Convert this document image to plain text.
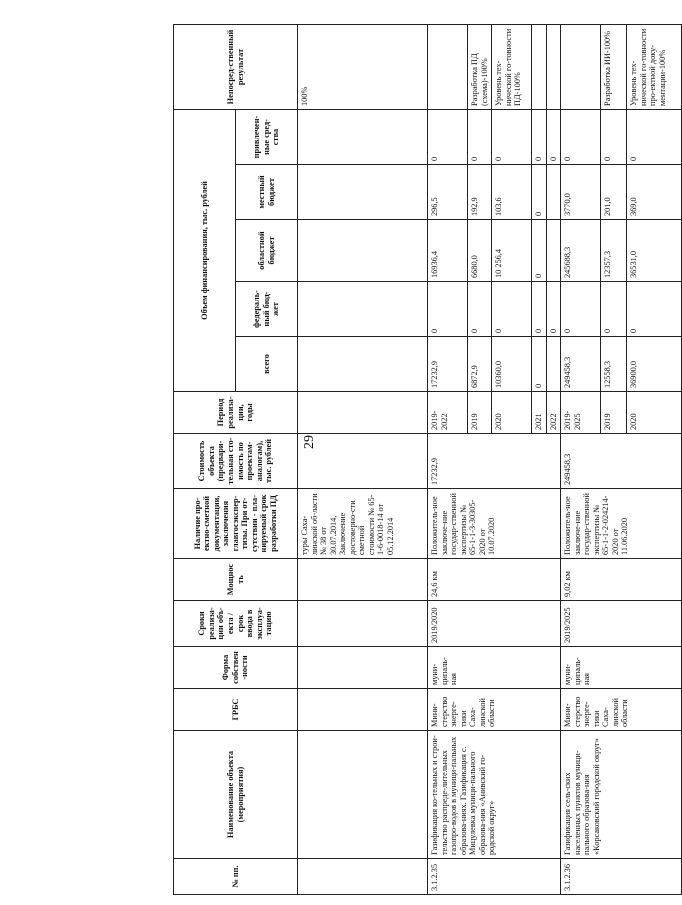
29
№ пп.	Наименование объекта (мероприятия)	ГРБС	Форма собствен-ности	Сроки реализа-ции объ-екта / срок ввода в эксплуа-тацию	Мощность	Наличие про-ектно-сметной документации, заключения главгосэкспер-тизы. При от-сутствии - пла-нируемый срок разработки ПД	Стоимость объекта (предвари-тельная сто-имость по проектам-аналогам), тыс. рублей	Период реализа-ции, годы	Объем финансирования, тыс. рублей					Непосред-ственный результат
									всего	федераль-ный бюд-жет	областной бюджет	местный бюджет	привлечен-ные сред-ства	
						туры Саха-линской об-ласти № 38 от 30.07.2014, Заключение достоверно-сти сметной стоимости № 65-1-6-0018-14 от 05.12.2014								100%
3.1.2.35	Газификация ко-тельных и строи-тельство распреде-лительных газопро-водов в муници-пальных образова-ниях. Газификация с. Мицулевка муници-пального образова-ния «Анивский го-родской округ»	Мини-стерство энерге-тики Саха-линской области	муни-ципаль-ная	2019/2020	24,6 км	Положитель-ное заключе-ние государ-ственной экспертизы № 65-1-1-3-30305-2020 от 10.07.2020	17232,9	2019-2022	17232,9	0	16936,4	296,5	0	
								2019	6872,9	0	6680,0	192,9	0	Разработка ПД (схема)-100%
								2020	10360,0	0	10 256,4	103,6	0	Уровень тех-нической го-товности ПД-100%
								2021	0	0	0	0	0	
								2022		0			0	
3.1.2.36	Газификация сель-ских населенных пунктов муници-пального образова-ния «Корсаковский городской округ»	Мини-стерство энерге-тики Саха-линской области	муни-ципаль-ная	2019/2025	9,02 км	Положитель-ное заключе-ние государ-ственной экспертизы № 65-1-1-2-024214-2020 от 11.06.2020	249458,3	2019-2025	249458,3	0	245688,3	3770,0	0	
								2019	12558,3	0	12357,3	201,0	0	Разработка ИИ-100%
								2020	36900,0	0	36531,0	369,0	0	Уровень тех-нической го-товности про-ектной доку-ментации-100%
